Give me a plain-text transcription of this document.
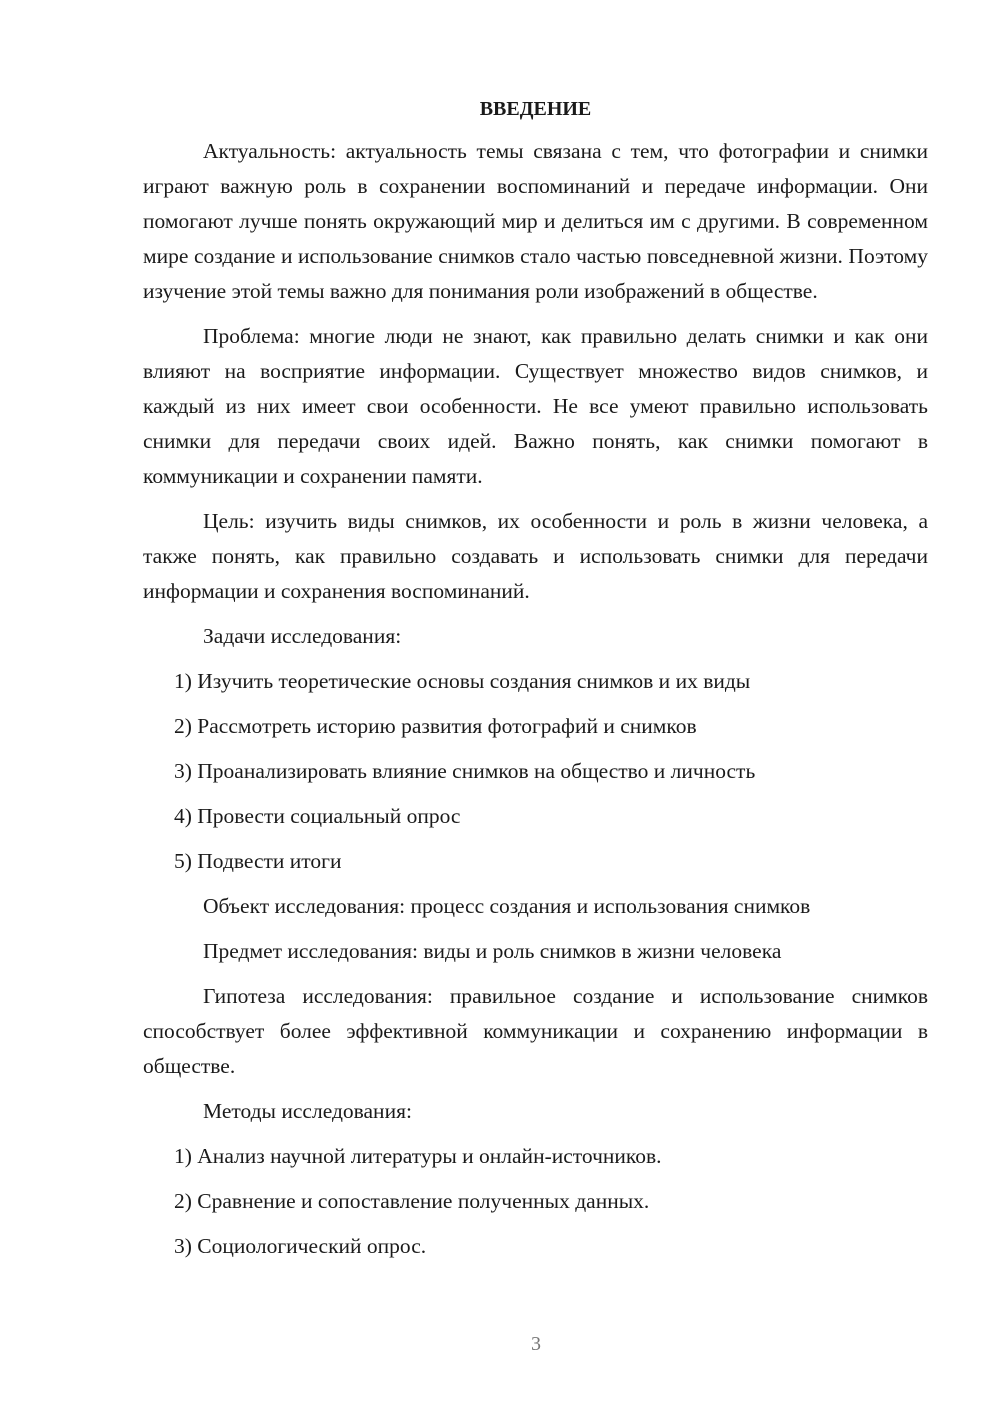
ВВЕДЕНИЕ

Актуальность: актуальность темы связана с тем, что фотографии и снимки играют важную роль в сохранении воспоминаний и передаче информации. Они помогают лучше понять окружающий мир и делиться им с другими. В современном мире создание и использование снимков стало частью повседневной жизни. Поэтому изучение этой темы важно для понимания роли изображений в обществе.

Проблема: многие люди не знают, как правильно делать снимки и как они влияют на восприятие информации. Существует множество видов снимков, и каждый из них имеет свои особенности. Не все умеют правильно использовать снимки для передачи своих идей. Важно понять, как снимки помогают в коммуникации и сохранении памяти.

Цель: изучить виды снимков, их особенности и роль в жизни человека, а также понять, как правильно создавать и использовать снимки для передачи информации и сохранения воспоминаний.

Задачи исследования:
1) Изучить теоретические основы создания снимков и их виды
2) Рассмотреть историю развития фотографий и снимков
3) Проанализировать влияние снимков на общество и личность
4) Провести социальный опрос
5) Подвести итоги
Объект исследования: процесс создания и использования снимков
Предмет исследования: виды и роль снимков в жизни человека

Гипотеза исследования: правильное создание и использование снимков способствует более эффективной коммуникации и сохранению информации в обществе.

Методы исследования:
1) Анализ научной литературы и онлайн-источников.
2) Сравнение и сопоставление полученных данных.
3) Социологический опрос.
3
